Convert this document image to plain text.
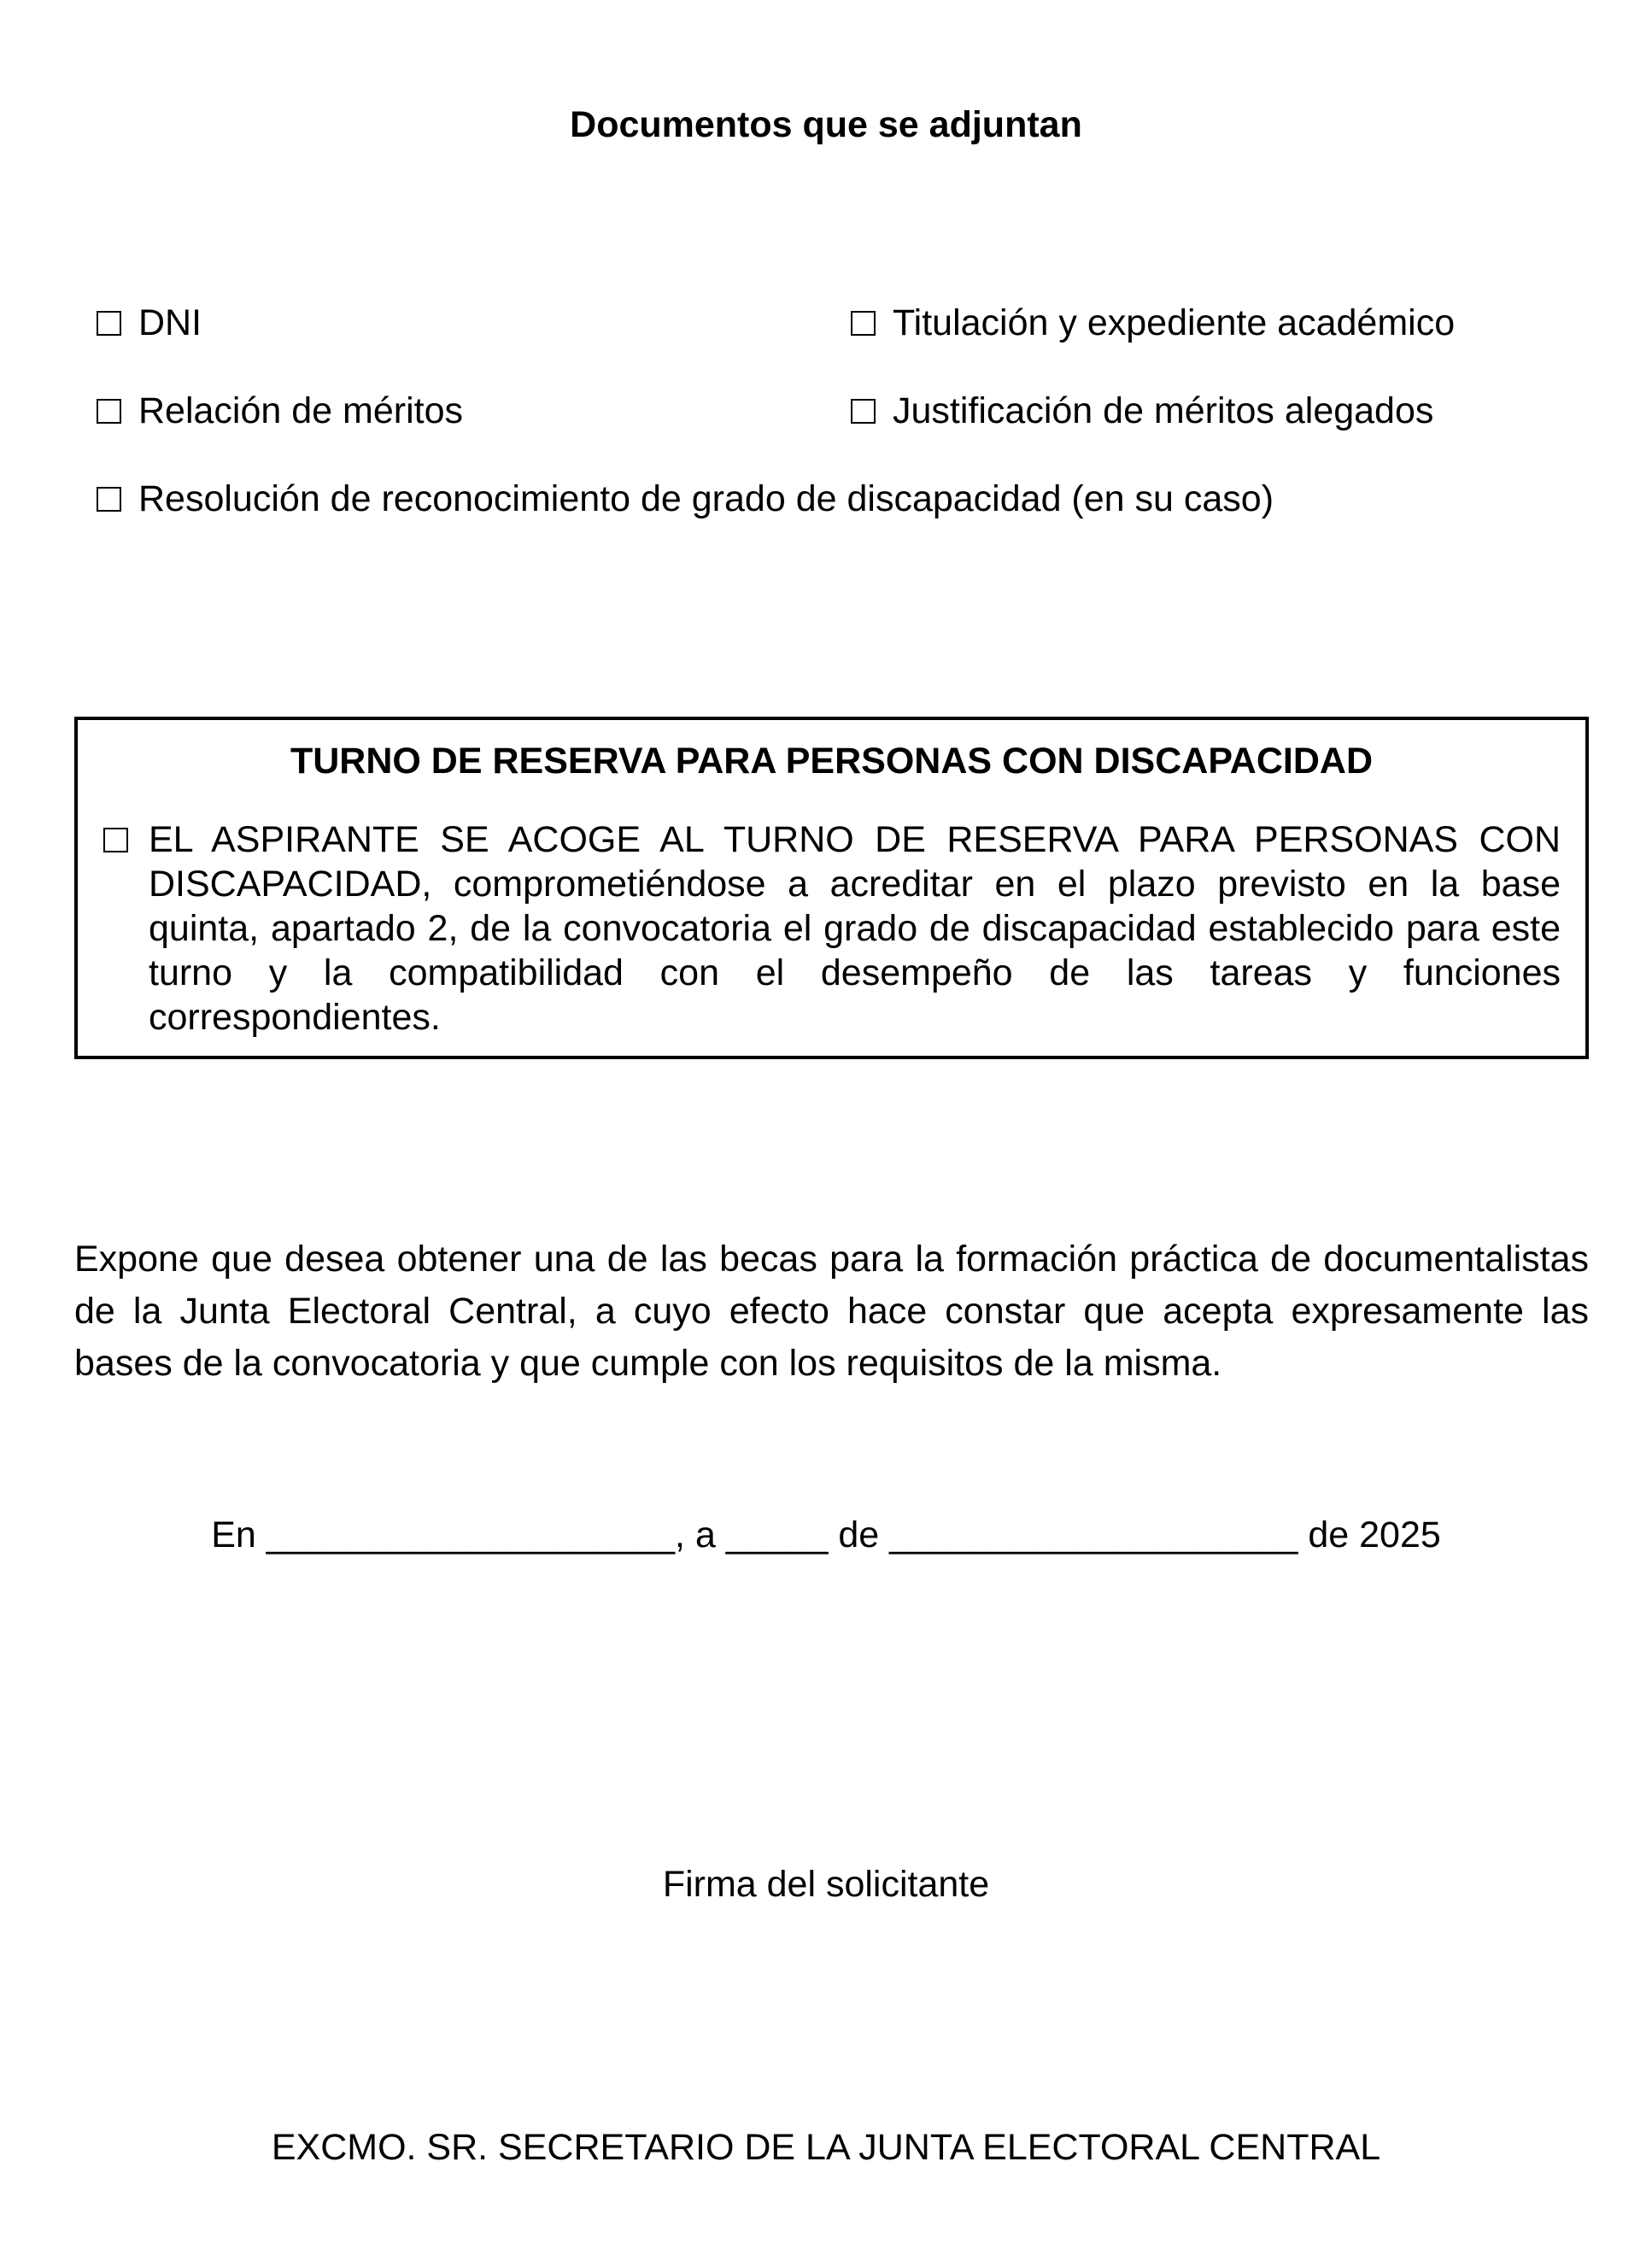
Documentos que se adjuntan
DNI	Titulación y expediente académico
Relación de méritos	Justificación de méritos alegados
Resolución de reconocimiento de grado de discapacidad (en su caso)
TURNO DE RESERVA PARA PERSONAS CON DISCAPACIDAD
EL ASPIRANTE SE ACOGE AL TURNO DE RESERVA PARA PERSONAS CON DISCAPACIDAD, comprometiéndose a acreditar en el plazo previsto en la base quinta, apartado 2, de la convocatoria el grado de discapacidad establecido para este turno y la compatibilidad con el desempeño de las tareas y funciones correspondientes.
Expone que desea obtener una de las becas para la formación práctica de documentalistas de la Junta Electoral Central, a cuyo efecto hace constar que acepta expresamente las bases de la convocatoria y que cumple con los requisitos de la misma.
En ____________________, a _____ de ____________________ de 2025
Firma del solicitante
EXCMO. SR. SECRETARIO DE LA JUNTA ELECTORAL CENTRAL
